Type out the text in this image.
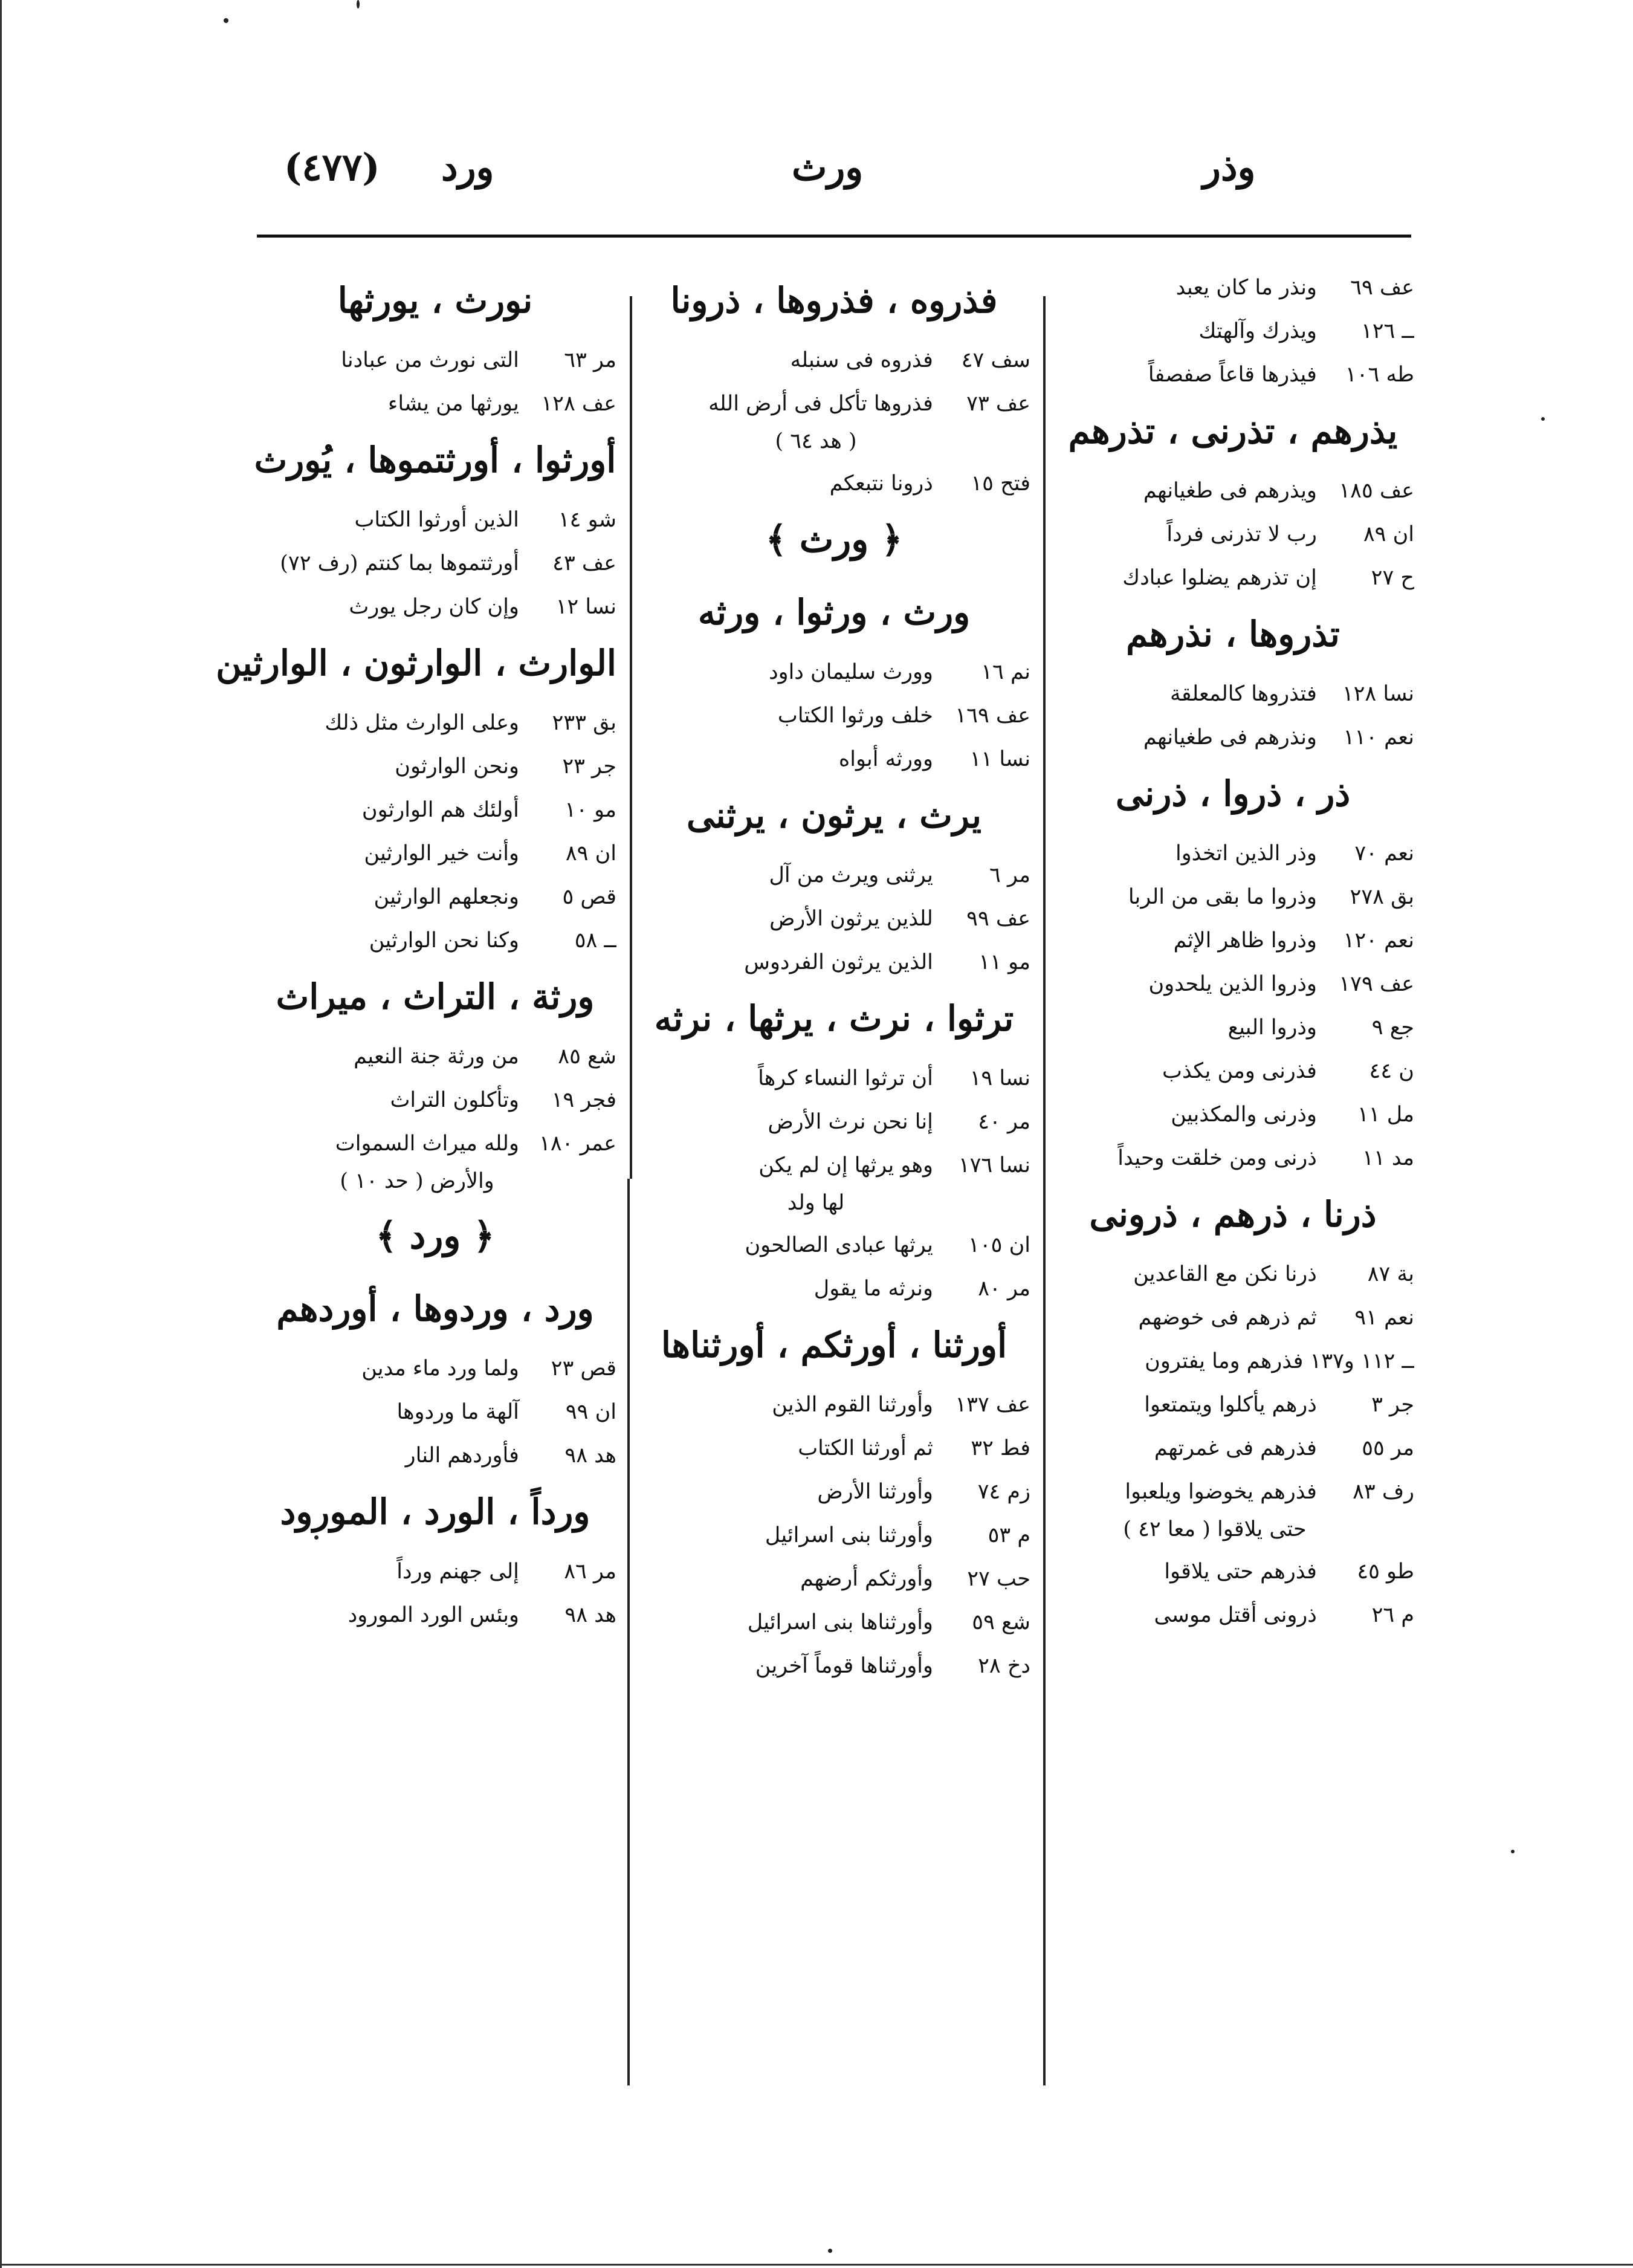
(٤٧٧) ورد	ورث	وذر
عف ٦٩ ونذر ما كان يعبد
ــ ١٢٦ ويذرك وآلهتك
طه ١٠٦ فيذرها قاعاً صفصفاً
يذرهم ، تذرنى ، تذرهم
عف ١٨٥ ويذرهم فى طغيانهم
ان ٨٩ رب لا تذرنى فرداً
ح ٢٧ إن تذرهم يضلوا عبادك
تذروها ، نذرهم
نسا ١٢٨ فتذروها كالمعلقة
نعم ١١٠ ونذرهم فى طغيانهم
ذر ، ذروا ، ذرنى
نعم ٧٠ وذر الذين اتخذوا
بق ٢٧٨ وذروا ما بقى من الربا
نعم ١٢٠ وذروا ظاهر الإثم
عف ١٧٩ وذروا الذين يلحدون
جع ٩ وذروا البيع
ن ٤٤ فذرنى ومن يكذب
مل ١١ وذرنى والمكذبين
مد ١١ ذرنى ومن خلقت وحيداً
ذرنا ، ذرهم ، ذرونى
بة ٨٧ ذرنا نكن مع القاعدين
نعم ٩١ ثم ذرهم فى خوضهم
ــ ١١٢ و١٣٧ فذرهم وما يفترون
جر ٣ ذرهم يأكلوا ويتمتعوا
مر ٥٥ فذرهم فى غمرتهم
رف ٨٣ فذرهم يخوضوا ويلعبوا
حتى يلاقوا ( معا ٤٢ )
طو ٤٥ فذرهم حتى يلاقوا
م ٢٦ ذرونى أقتل موسى
فذروه ، فذروها ، ذرونا
سف ٤٧ فذروه فى سنبله
عف ٧٣ فذروها تأكل فى أرض الله
( هد ٦٤ )
فتح ١٥ ذرونا نتبعكم
﴿ ورث ﴾
ورث ، ورثوا ، ورثه
نم ١٦ وورث سليمان داود
عف ١٦٩ خلف ورثوا الكتاب
نسا ١١ وورثه أبواه
يرث ، يرثون ، يرثنى
مر ٦ يرثنى ويرث من آل
عف ٩٩ للذين يرثون الأرض
مو ١١ الذين يرثون الفردوس
ترثوا ، نرث ، يرثها ، نرثه
نسا ١٩ أن ترثوا النساء كرهاً
مر ٤٠ إنا نحن نرث الأرض
نسا ١٧٦ وهو يرثها إن لم يكن
لها ولد
ان ١٠٥ يرثها عبادى الصالحون
مر ٨٠ ونرثه ما يقول
أورثنا ، أورثكم ، أورثناها
عف ١٣٧ وأورثنا القوم الذين
فط ٣٢ ثم أورثنا الكتاب
زم ٧٤ وأورثنا الأرض
م ٥٣ وأورثنا بنى اسرائيل
حب ٢٧ وأورثكم أرضهم
شع ٥٩ وأورثناها بنى اسرائيل
دخ ٢٨ وأورثناها قوماً آخرين
نورث ، يورثها
مر ٦٣ التى نورث من عبادنا
عف ١٢٨ يورثها من يشاء
أورثوا ، أورثتموها ، يُورث
شو ١٤ الذين أورثوا الكتاب
عف ٤٣ أورثتموها بما كنتم (رف ٧٢)
نسا ١٢ وإن كان رجل يورث
الوارث ، الوارثون ، الوارثين
بق ٢٣٣ وعلى الوارث مثل ذلك
جر ٢٣ ونحن الوارثون
مو ١٠ أولئك هم الوارثون
ان ٨٩ وأنت خير الوارثين
قص ٥ ونجعلهم الوارثين
ــ ٥٨ وكنا نحن الوارثين
ورثة ، التراث ، ميراث
شع ٨٥ من ورثة جنة النعيم
فجر ١٩ وتأكلون التراث
عمر ١٨٠ ولله ميراث السموات
والأرض ( حد ١٠ )
﴿ ورد ﴾
ورد ، وردوها ، أوردهم
قص ٢٣ ولما ورد ماء مدين
ان ٩٩ آلهة ما وردوها
هد ٩٨ فأوردهم النار
ورداً ، الورد ، المورود
مر ٨٦ إلى جهنم ورداً
هد ٩٨ وبئس الورد المورود
